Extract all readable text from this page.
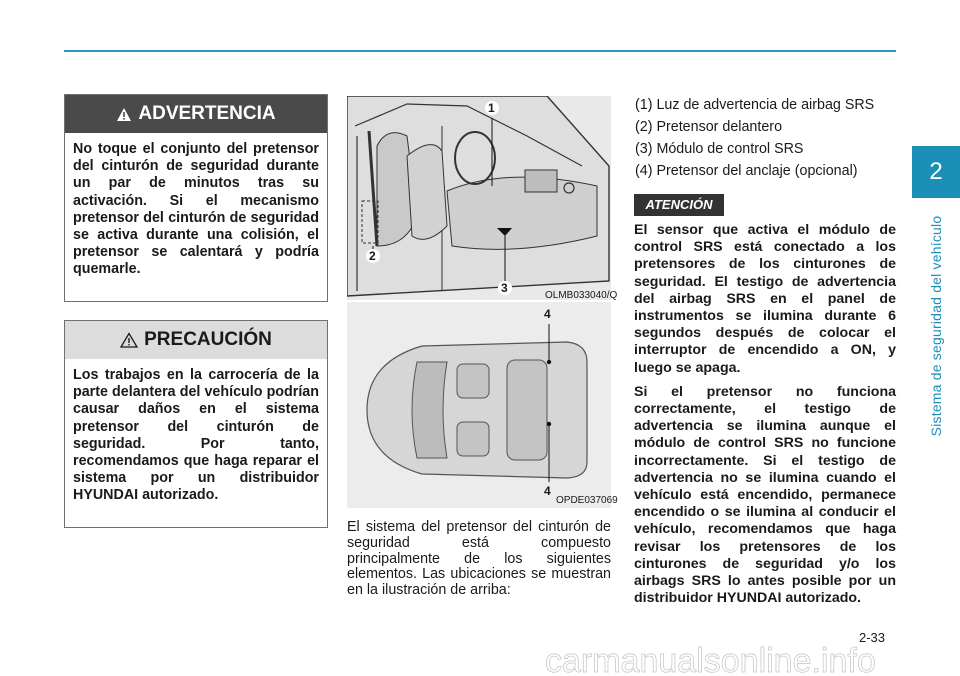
2
Sistema de seguridad del vehículo
ADVERTENCIA
No toque el conjunto del pretensor del cinturón de seguridad durante un par de minutos tras su activación. Si el mecanismo pretensor del cinturón de seguridad se activa durante una colisión, el pretensor se calentará y podría quemarle.
PRECAUCIÓN
Los trabajos en la carrocería de la parte delantera del vehículo podrían causar daños en el sistema pretensor del cinturón de seguridad. Por tanto, recomendamos que haga reparar el sistema por un distribuidor HYUNDAI autorizado.
1
2
3
OLMB033040/Q
4
4
OPDE037069
El sistema del pretensor del cinturón de seguridad está compuesto principalmente de los siguientes elementos. Las ubicaciones se muestran en la ilustración de arriba:
(1) Luz de advertencia de airbag SRS
(2) Pretensor delantero
(3) Módulo de control SRS
(4) Pretensor del anclaje (opcional)
ATENCIÓN

El sensor que activa el módulo de control SRS está conectado a los pretensores de los cinturones de seguridad. El testigo de advertencia del airbag SRS en el panel de instrumentos se ilumina durante 6 segundos después de colocar el interruptor de encendido a ON, y luego se apaga.

Si el pretensor no funciona correctamente, el testigo de advertencia se ilumina aunque el módulo de control SRS no funcione incorrectamente. Si el testigo de advertencia no se ilumina cuando el vehículo está encendido, permanece encendido o se ilumina al conducir el vehículo, recomendamos que haga revisar los pretensores de los cinturones de seguridad y/o los airbags SRS lo antes posible por un distribuidor HYUNDAI autorizado.

2-33
carmanualsonline.info
